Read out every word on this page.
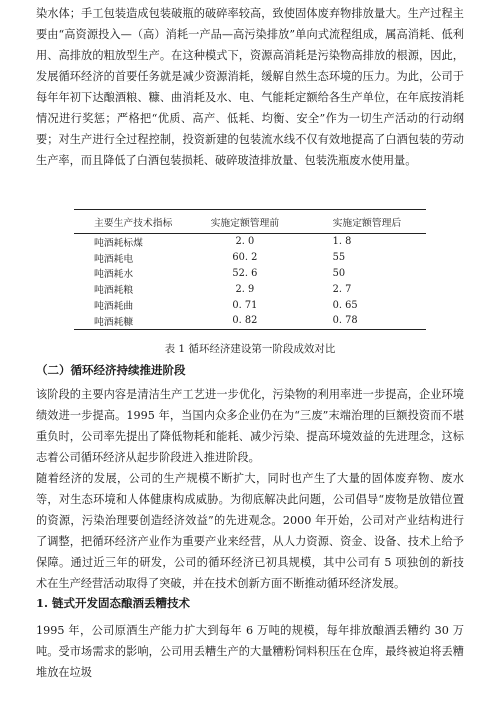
染水体；手工包装造成包装破瓶的破碎率较高，致使固体废弃物排放量大。生产过程主要由“高资源投入—（高）消耗一产品—高污染排放”单向式流程组成，属高消耗、低利用、高排放的粗放型生产。在这种模式下，资源高消耗是污染物高排放的根源，因此，发展循环经济的首要任务就是减少资源消耗，缓解自然生态环境的压力。为此，公司于每年年初下达酿酒粮、糠、曲消耗及水、电、气能耗定额给各生产单位，在年底按消耗情况进行奖惩；严格把“优质、高产、低耗、均衡、安全”作为一切生产活动的行动纲要；对生产进行全过程控制，投资新建的包装流水线不仅有效地提高了白酒包装的劳动生产率，而且降低了白酒包装损耗、破碎玻渣排放量、包装洗瓶废水使用量。

主要生产技术指标	实施定额管理前	实施定额管理后
吨酒耗标煤	2. 0	1. 8
吨酒耗电	60. 2	55
吨酒耗水	52. 6	50
吨酒耗粮	2. 9	2. 7
吨酒耗曲	0. 71	0. 65
吨酒耗糠	0. 82	0. 78
表 1 循环经济建设第一阶段成效对比

（二）循环经济持续推进阶段

该阶段的主要内容是清洁生产工艺进一步优化，污染物的利用率进一步提高，企业环境绩效进一步提高。1995 年，当国内众多企业仍在为“三废”末端治理的巨额投资而不堪重负时，公司率先提出了降低物耗和能耗、减少污染、提高环境效益的先进理念，这标志着公司循环经济从起步阶段进入推进阶段。

随着经济的发展，公司的生产规模不断扩大，同时也产生了大量的固体废弃物、废水等，对生态环境和人体健康构成威胁。为彻底解决此问题，公司倡导“废物是放错位置的资源，污染治理要创造经济效益”的先进观念。2000 年开始，公司对产业结构进行了调整，把循环经济产业作为重要产业来经营，从人力资源、资金、设备、技术上给予保障。通过近三年的研发，公司的循环经济已初具规模，其中公司有 5 项独创的新技术在生产经营活动取得了突破，并在技术创新方面不断推动循环经济发展。

1. 链式开发固态酿酒丢糟技术

1995 年，公司原酒生产能力扩大到每年 6 万吨的规模，每年排放酿酒丢糟约 30 万吨。受市场需求的影响，公司用丢糟生产的大量糟粉饲料积压在仓库，最终被迫将丢糟堆放在垃圾
